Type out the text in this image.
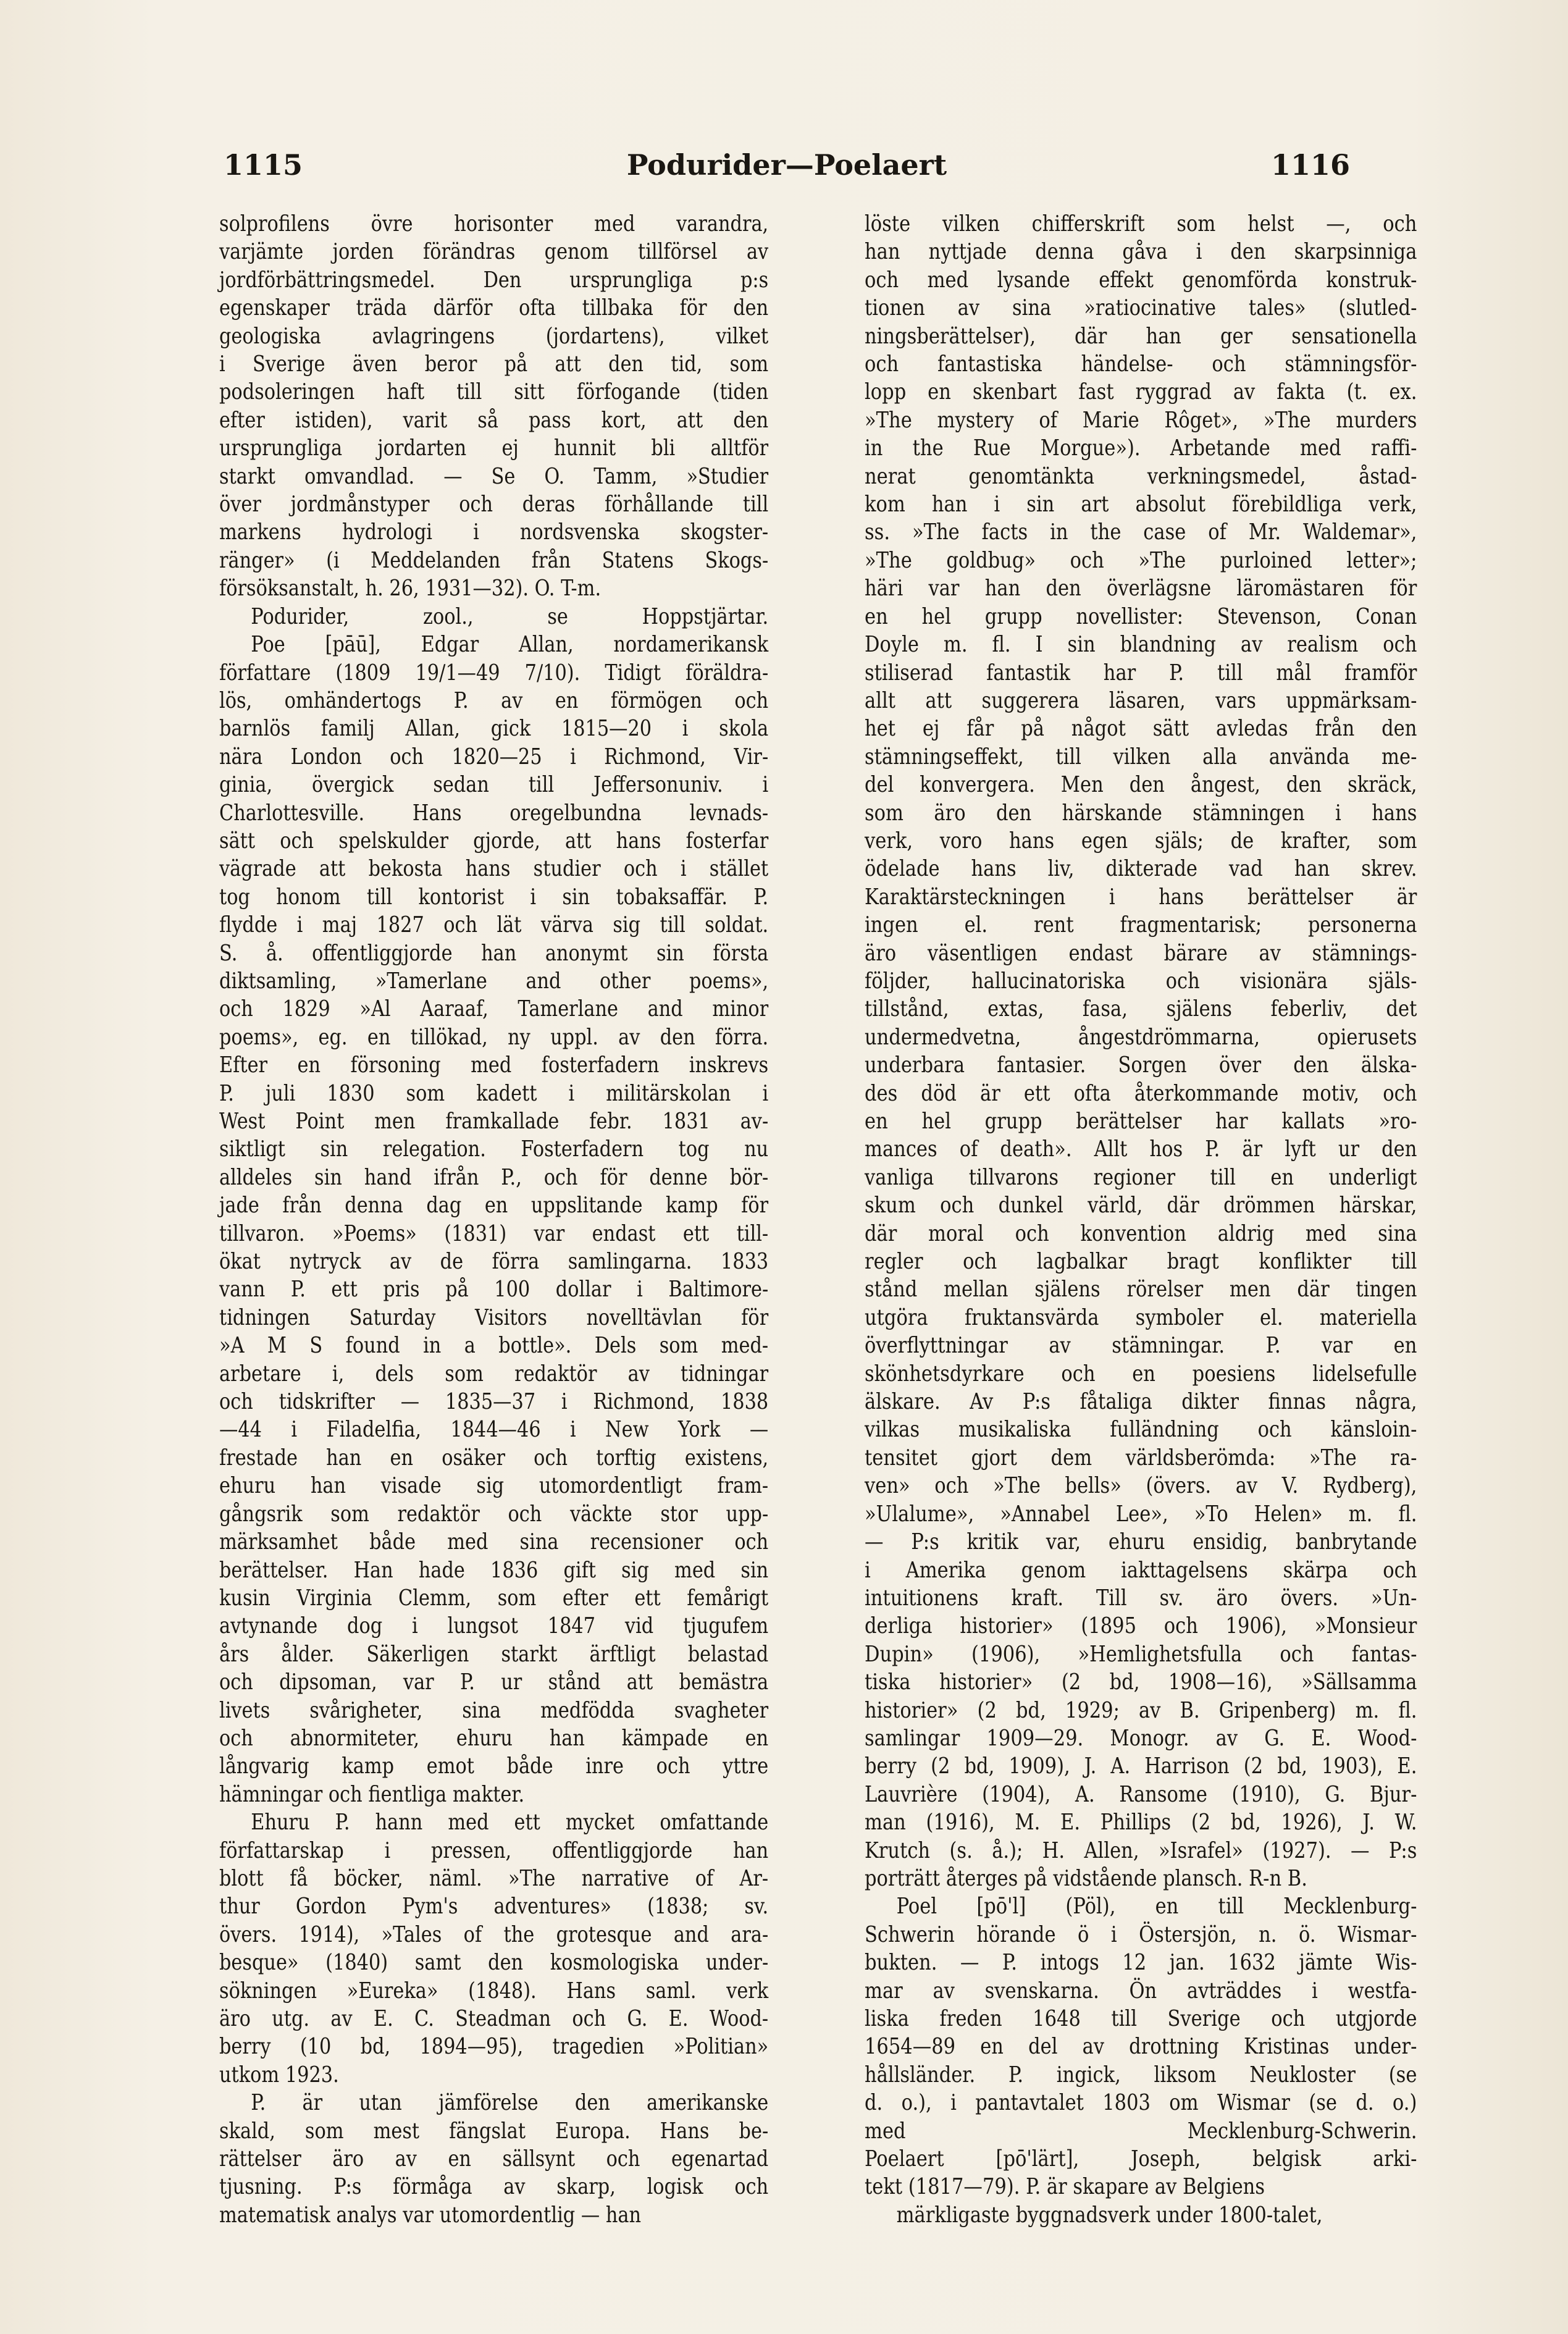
1115	Podurider—Poelaert	1116
solprofilens övre horisonter med varandra,
varjämte jorden förändras genom tillförsel av
jordförbättringsmedel. Den ursprungliga p:s
egenskaper träda därför ofta tillbaka för den
geologiska avlagringens (jordartens), vilket
i Sverige även beror på att den tid, som
podsoleringen haft till sitt förfogande (tiden
efter istiden), varit så pass kort, att den
ursprungliga jordarten ej hunnit bli alltför
starkt omvandlad. — Se O. Tamm, »Studier
över jordmånstyper och deras förhållande till
markens hydrologi i nordsvenska skogster-
ränger» (i Meddelanden från Statens Skogs-
försöksanstalt, h. 26, 1931—32). O. T-m.
Podurider, zool., se Hoppstjärtar.
Poe [pāū], Edgar Allan, nordamerikansk
författare (1809 19/1—49 7/10). Tidigt föräldra-
lös, omhändertogs P. av en förmögen och
barnlös familj Allan, gick 1815—20 i skola
nära London och 1820—25 i Richmond, Vir-
ginia, övergick sedan till Jeffersonuniv. i
Charlottesville. Hans oregelbundna levnads-
sätt och spelskulder gjorde, att hans fosterfar
vägrade att bekosta hans studier och i stället
tog honom till kontorist i sin tobaksaffär. P.
flydde i maj 1827 och lät värva sig till soldat.
S. å. offentliggjorde han anonymt sin första
diktsamling, »Tamerlane and other poems»,
och 1829 »Al Aaraaf, Tamerlane and minor
poems», eg. en tillökad, ny uppl. av den förra.
Efter en försoning med fosterfadern inskrevs
P. juli 1830 som kadett i militärskolan i
West Point men framkallade febr. 1831 av-
siktligt sin relegation. Fosterfadern tog nu
alldeles sin hand ifrån P., och för denne bör-
jade från denna dag en uppslitande kamp för
tillvaron. »Poems» (1831) var endast ett till-
ökat nytryck av de förra samlingarna. 1833
vann P. ett pris på 100 dollar i Baltimore-
tidningen Saturday Visitors novelltävlan för
»A M S found in a bottle». Dels som med-
arbetare i, dels som redaktör av tidningar
och tidskrifter — 1835—37 i Richmond, 1838
—44 i Filadelfia, 1844—46 i New York —
frestade han en osäker och torftig existens,
ehuru han visade sig utomordentligt fram-
gångsrik som redaktör och väckte stor upp-
märksamhet både med sina recensioner och
berättelser. Han hade 1836 gift sig med sin
kusin Virginia Clemm, som efter ett femårigt
avtynande dog i lungsot 1847 vid tjugufem
års ålder. Säkerligen starkt ärftligt belastad
och dipsoman, var P. ur stånd att bemästra
livets svårigheter, sina medfödda svagheter
och abnormiteter, ehuru han kämpade en
långvarig kamp emot både inre och yttre
hämningar och fientliga makter.
Ehuru P. hann med ett mycket omfattande
författarskap i pressen, offentliggjorde han
blott få böcker, näml. »The narrative of Ar-
thur Gordon Pym's adventures» (1838; sv.
övers. 1914), »Tales of the grotesque and ara-
besque» (1840) samt den kosmologiska under-
sökningen »Eureka» (1848). Hans saml. verk
äro utg. av E. C. Steadman och G. E. Wood-
berry (10 bd, 1894—95), tragedien »Politian»
utkom 1923.
P. är utan jämförelse den amerikanske
skald, som mest fängslat Europa. Hans be-
rättelser äro av en sällsynt och egenartad
tjusning. P:s förmåga av skarp, logisk och
matematisk analys var utomordentlig — han
löste vilken chifferskrift som helst —, och
han nyttjade denna gåva i den skarpsinniga
och med lysande effekt genomförda konstruk-
tionen av sina »ratiocinative tales» (slutled-
ningsberättelser), där han ger sensationella
och fantastiska händelse- och stämningsför-
lopp en skenbart fast ryggrad av fakta (t. ex.
»The mystery of Marie Rôget», »The murders
in the Rue Morgue»). Arbetande med raffi-
nerat genomtänkta verkningsmedel, åstad-
kom han i sin art absolut förebildliga verk,
ss. »The facts in the case of Mr. Waldemar»,
»The goldbug» och »The purloined letter»;
häri var han den överlägsne läromästaren för
en hel grupp novellister: Stevenson, Conan
Doyle m. fl. I sin blandning av realism och
stiliserad fantastik har P. till mål framför
allt att suggerera läsaren, vars uppmärksam-
het ej får på något sätt avledas från den
stämningseffekt, till vilken alla använda me-
del konvergera. Men den ångest, den skräck,
som äro den härskande stämningen i hans
verk, voro hans egen själs; de krafter, som
ödelade hans liv, dikterade vad han skrev.
Karaktärsteckningen i hans berättelser är
ingen el. rent fragmentarisk; personerna
äro väsentligen endast bärare av stämnings-
följder, hallucinatoriska och visionära själs-
tillstånd, extas, fasa, själens feberliv, det
undermedvetna, ångestdrömmarna, opierusets
underbara fantasier. Sorgen över den älska-
des död är ett ofta återkommande motiv, och
en hel grupp berättelser har kallats »ro-
mances of death». Allt hos P. är lyft ur den
vanliga tillvarons regioner till en underligt
skum och dunkel värld, där drömmen härskar,
där moral och konvention aldrig med sina
regler och lagbalkar bragt konflikter till
stånd mellan själens rörelser men där tingen
utgöra fruktansvärda symboler el. materiella
överflyttningar av stämningar. P. var en
skönhetsdyrkare och en poesiens lidelsefulle
älskare. Av P:s fåtaliga dikter finnas några,
vilkas musikaliska fulländning och känsloin-
tensitet gjort dem världsberömda: »The ra-
ven» och »The bells» (övers. av V. Rydberg),
»Ulalume», »Annabel Lee», »To Helen» m. fl.
— P:s kritik var, ehuru ensidig, banbrytande
i Amerika genom iakttagelsens skärpa och
intuitionens kraft. Till sv. äro övers. »Un-
derliga historier» (1895 och 1906), »Monsieur
Dupin» (1906), »Hemlighetsfulla och fantas-
tiska historier» (2 bd, 1908—16), »Sällsamma
historier» (2 bd, 1929; av B. Gripenberg) m. fl.
samlingar 1909—29. Monogr. av G. E. Wood-
berry (2 bd, 1909), J. A. Harrison (2 bd, 1903), E.
Lauvrière (1904), A. Ransome (1910), G. Bjur-
man (1916), M. E. Phillips (2 bd, 1926), J. W.
Krutch (s. å.); H. Allen, »Israfel» (1927). — P:s
porträtt återges på vidstående plansch. R-n B.
Poel [pō'l] (Pöl), en till Mecklenburg-
Schwerin hörande ö i Östersjön, n. ö. Wismar-
bukten. — P. intogs 12 jan. 1632 jämte Wis-
mar av svenskarna. Ön avträddes i westfa-
liska freden 1648 till Sverige och utgjorde
1654—89 en del av drottning Kristinas under-
hållsländer. P. ingick, liksom Neukloster (se
d. o.), i pantavtalet 1803 om Wismar (se d. o.)
med Mecklenburg-Schwerin.
Poelaert [pō'lärt], Joseph, belgisk arki-
tekt (1817—79). P. är skapare av Belgiens
märkligaste byggnadsverk under 1800-talet,
